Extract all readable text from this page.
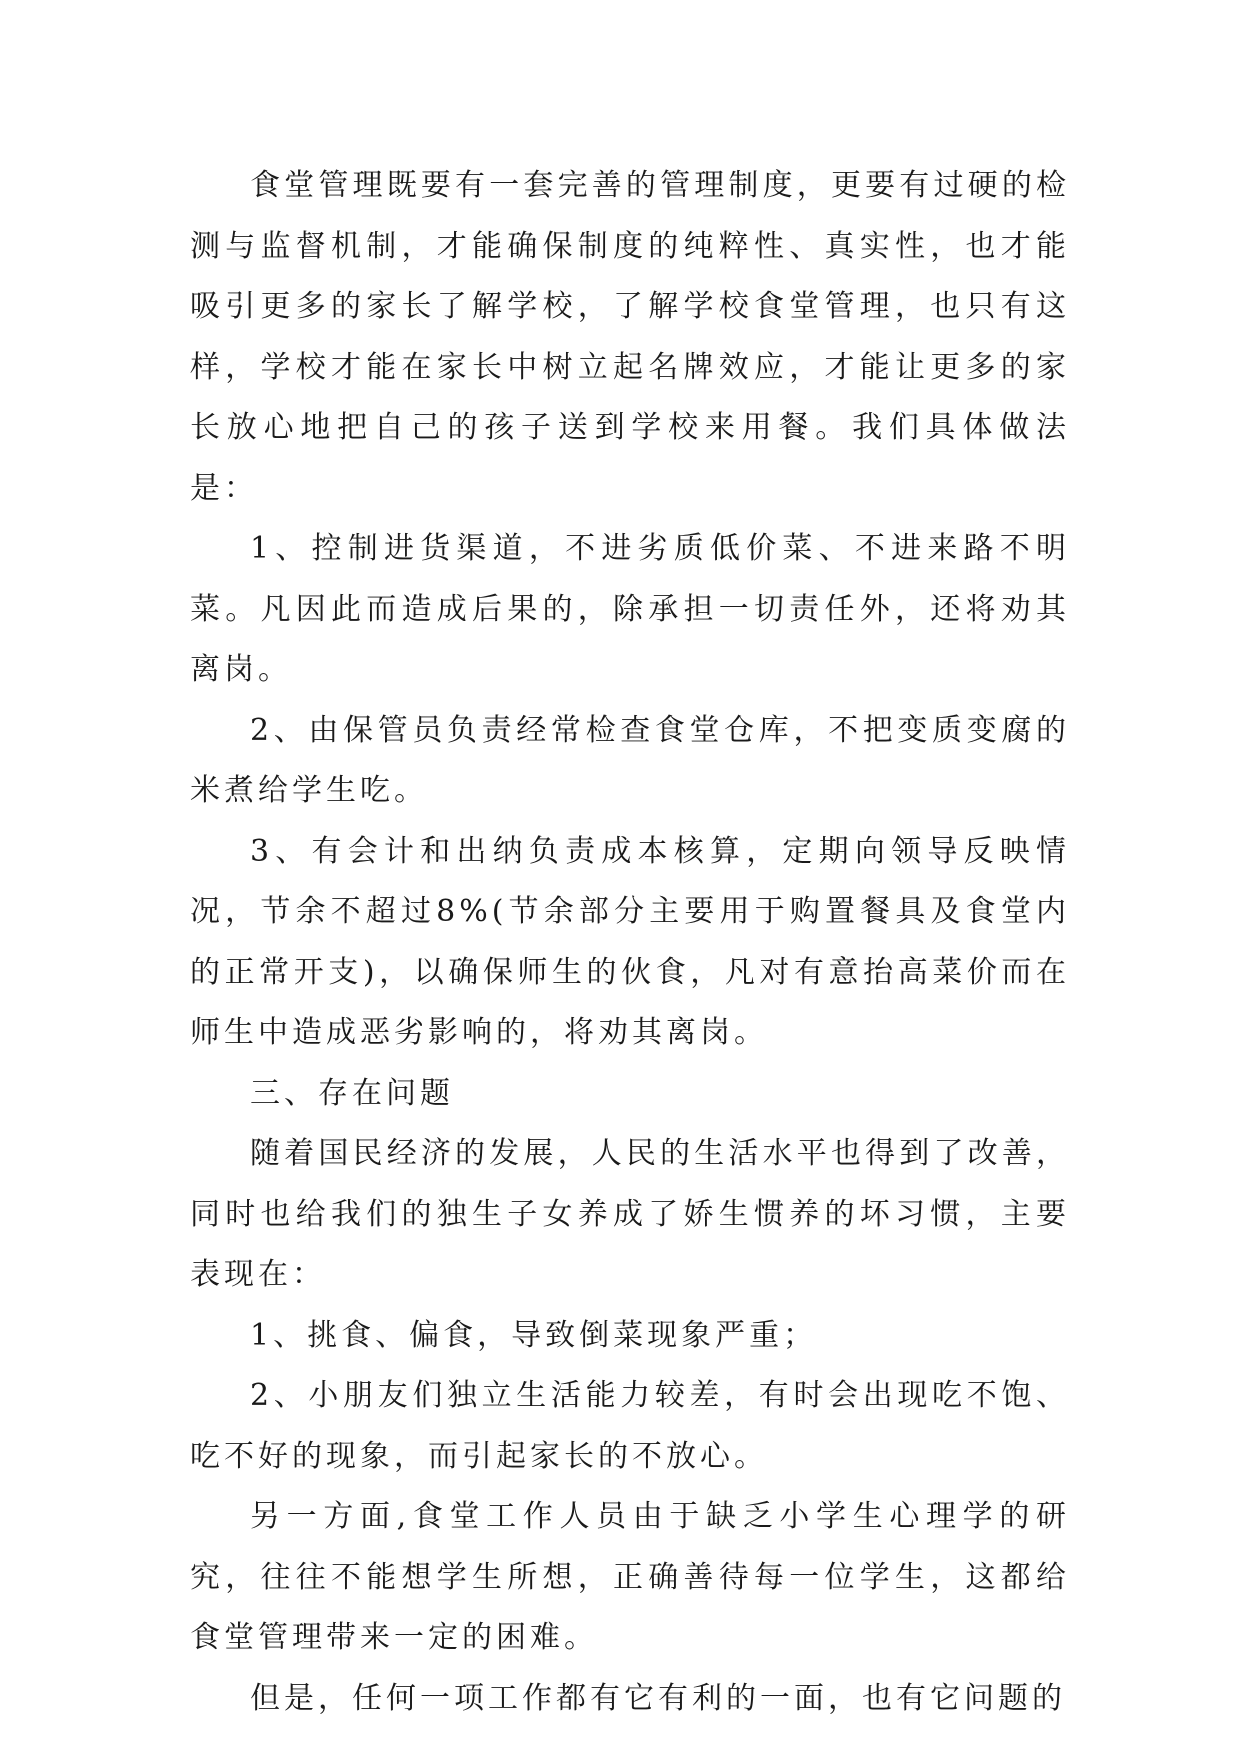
食堂管理既要有一套完善的管理制度，更要有过硬的检测与监督机制，才能确保制度的纯粹性、真实性，也才能吸引更多的家长了解学校，了解学校食堂管理，也只有这样，学校才能在家长中树立起名牌效应，才能让更多的家长放心地把自己的孩子送到学校来用餐。我们具体做法是：

1、控制进货渠道，不进劣质低价菜、不进来路不明菜。凡因此而造成后果的，除承担一切责任外，还将劝其离岗。

2、由保管员负责经常检查食堂仓库，不把变质变腐的米煮给学生吃。

3、有会计和出纳负责成本核算，定期向领导反映情况，节余不超过8%(节余部分主要用于购置餐具及食堂内的正常开支)，以确保师生的伙食，凡对有意抬高菜价而在师生中造成恶劣影响的，将劝其离岗。

三、存在问题

随着国民经济的发展，人民的生活水平也得到了改善，同时也给我们的独生子女养成了娇生惯养的坏习惯，主要表现在：

1、挑食、偏食，导致倒菜现象严重；

2、小朋友们独立生活能力较差，有时会出现吃不饱、吃不好的现象，而引起家长的不放心。

另一方面,食堂工作人员由于缺乏小学生心理学的研究，往往不能想学生所想，正确善待每一位学生，这都给食堂管理带来一定的困难。

但是，任何一项工作都有它有利的一面，也有它问题的
